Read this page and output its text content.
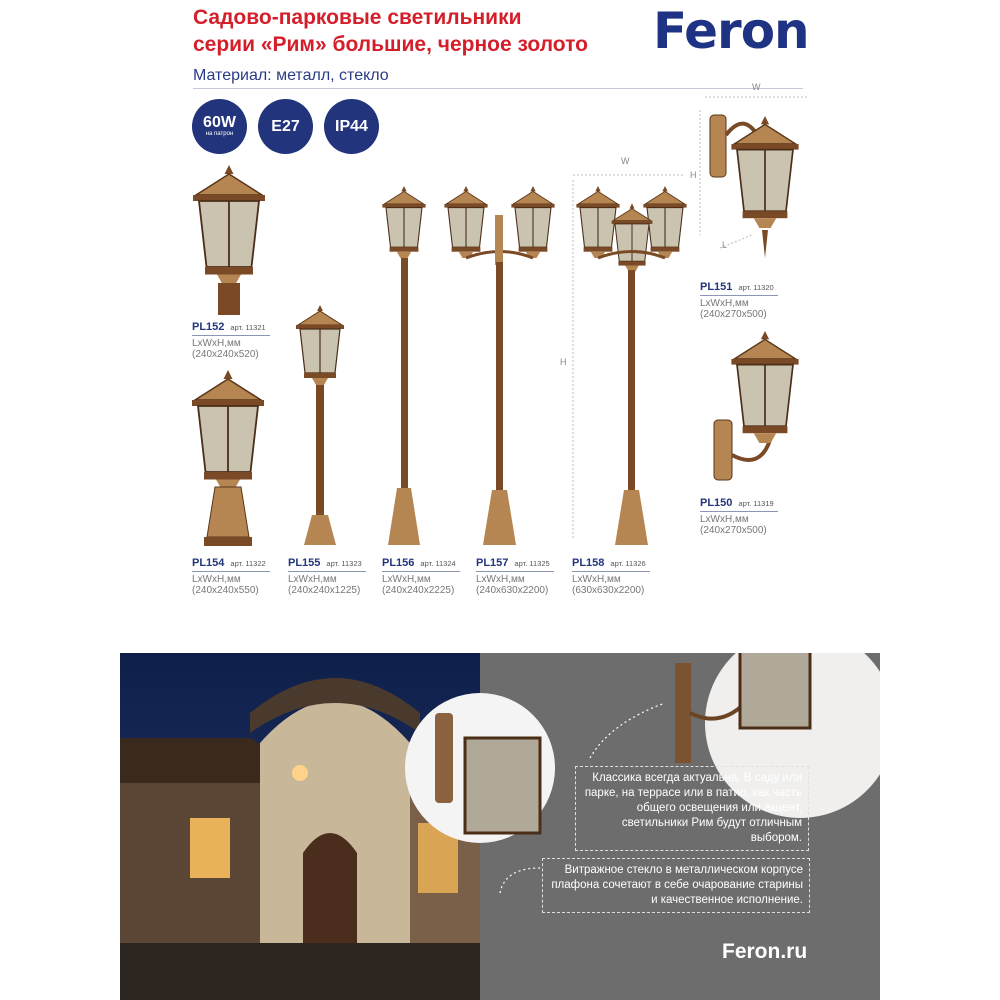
Садово-парковые светильники
серии «Рим» большие, черное золото Feron
Материал: металл, стекло
60W
на патрон E27 IP44
W
H
W
H
L
PL152 арт. 11321
LxWxH,мм
(240x240x520)
PL154 арт. 11322
LxWxH,мм
(240x240x550)
PL155 арт. 11323
LxWxH,мм
(240x240x1225)
PL156 арт. 11324
LxWxH,мм
(240x240x2225)
PL157 арт. 11325
LxWxH,мм
(240x630x2200)
PL158 арт. 11326
LxWxH,мм
(630x630x2200)
PL151 арт. 11320
LxWxH,мм
(240x270x500)
PL150 арт. 11319
LxWxH,мм
(240x270x500)
Классика всегда актуальна. В саду или парке, на террасе или в патио, как часть общего освещения или акцент, светильники Рим будут отличным выбором.
Витражное стекло в металлическом корпусе плафона сочетают в себе очарование старины и качественное исполнение.
Feron.ru
